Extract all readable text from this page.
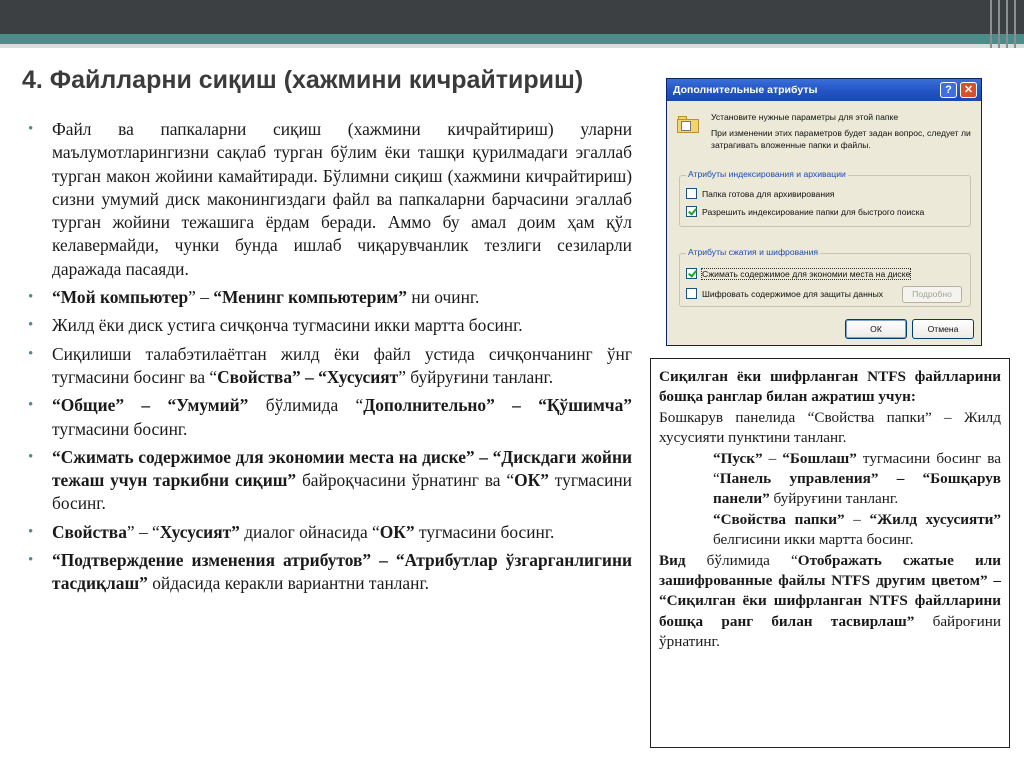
4. Файлларни сиқиш (хажмини кичрайтириш)
• Файл ва папкаларни сиқиш (хажмини кичрайтириш) уларни маълумотларингизни сақлаб турган бўлим ёки ташқи қурилмадаги эгаллаб турган макон жойини камайтиради. Бўлимни сиқиш (хажмини кичрайтириш) сизни умумий диск маконингиздаги файл ва папкаларни барчасини эгаллаб турган жойини тежашига ёрдам беради. Аммо бу амал доим ҳам қўл келавермайди, чунки бунда ишлаб чиқарувчанлик тезлиги сезиларли даражада пасаяди.
• “Мой компьютер” – “Менинг компьютерим” ни очинг.
• Жилд ёки диск устига сичқонча тугмасини икки мартта босинг.
• Сиқилиши талабэтилаётган жилд ёки файл устида сичқончанинг ўнг тугмасини босинг ва “Свойства” – “Хусусият” буйруғини танланг.
• “Общие” – “Умумий” бўлимида “Дополнительно” – “Қўшимча” тугмасини босинг.
• “Сжимать содержимое для экономии места на диске” – “Дискдаги жойни тежаш учун таркибни сиқиш” байроқчасини ўрнатинг ва “ОК” тугмасини босинг.
• Свойства” – “Хусусият” диалог ойнасида “ОК” тугмасини босинг.
• “Подтверждение изменения атрибутов” – “Атрибутлар ўзгарганлигини тасдиқлаш” ойдасида керакли вариантни танланг.
Дополнительные атрибуты	?	✕
Установите нужные параметры для этой папке
При изменении этих параметров будет задан вопрос, следует ли затрагивать вложенные папки и файлы.
Атрибуты индексирования и архивации
Папка готова для архивирования
Разрешить индексирование папки для быстрого поиска
Атрибуты сжатия и шифрования
Сжимать содержимое для экономии места на диске
Шифровать содержимое для защиты данных	Подробно
ОК	Отмена

Сиқилган ёки шифрланган NTFS файлларини бошқа ранглар билан ажратиш учун:

Бошкарув панелида “Свойства папки” – Жилд хусусияти пунктини танланг.

“Пуск” – “Бошлаш” тугмасини босинг ва “Панель управления” – “Бошқарув панели” буйруғини танланг.

“Свойства папки” – “Жилд хусусияти” белгисини икки мартта босинг.

Вид бўлимида “Отображать сжатые или зашифрованные файлы NTFS другим цветом” – “Сиқилган ёки шифрланган NTFS файлларини бошқа ранг билан тасвирлаш” байроғини ўрнатинг.
